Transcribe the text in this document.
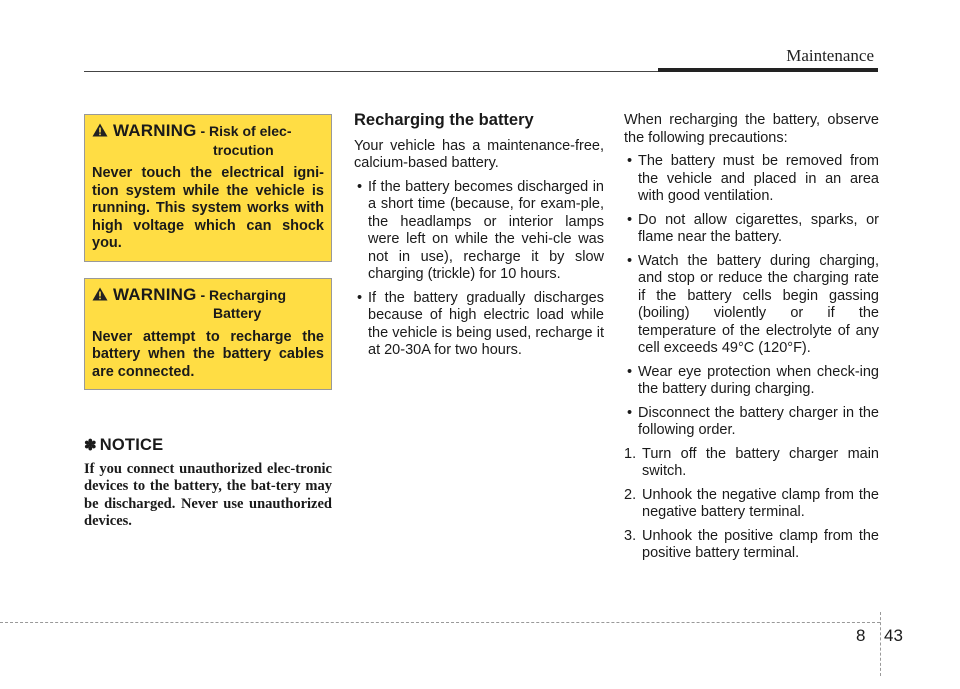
Maintenance
WARNING - Risk of elec-
trocution
Never touch the electrical igni-tion system while the vehicle is running. This system works with high voltage which can shock you.
WARNING - Recharging
Battery
Never attempt to recharge the battery when the battery cables are connected.
✽ NOTICE
If you connect unauthorized elec-tronic devices to the battery, the bat-tery may be discharged. Never use unauthorized devices.
Recharging the battery

Your vehicle has a maintenance-free, calcium-based battery.

• If the battery becomes discharged in a short time (because, for exam-ple, the headlamps or interior lamps were left on while the vehi-cle was not in use), recharge it by slow charging (trickle) for 10 hours.
• If the battery gradually discharges because of high electric load while the vehicle is being used, recharge it at 20-30A for two hours.

When recharging the battery, observe the following precautions:

• The battery must be removed from the vehicle and placed in an area with good ventilation.
• Do not allow cigarettes, sparks, or flame near the battery.
• Watch the battery during charging, and stop or reduce the charging rate if the battery cells begin gassing (boiling) violently or if the temperature of the electrolyte of any cell exceeds 49°C (120°F).
• Wear eye protection when check-ing the battery during charging.
• Disconnect the battery charger in the following order.
1. Turn off the battery charger main switch.
2. Unhook the negative clamp from the negative battery terminal.
3. Unhook the positive clamp from the positive battery terminal.
8 43
